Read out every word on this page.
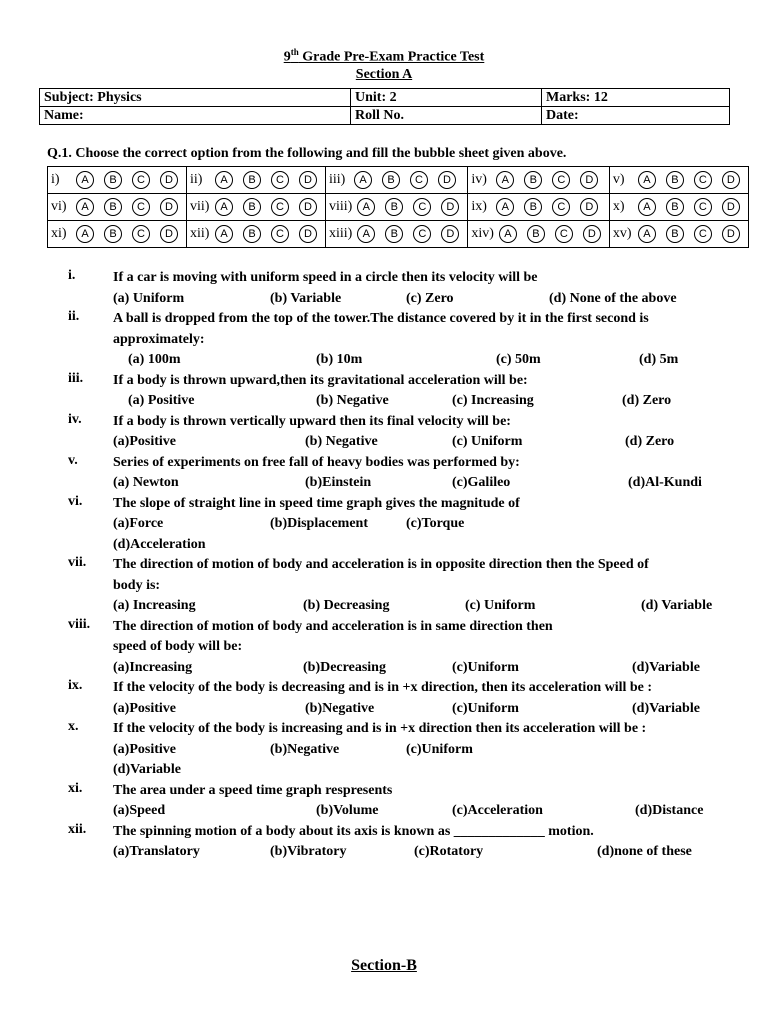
9th Grade Pre-Exam Practice Test
Section A
Subject: Physics	Unit: 2	Marks: 12
Name:	Roll No.	Date:
Q.1. Choose the correct option from the following and fill the bubble sheet given above.
i) A B C D	ii) A B C D	iii) A B C D	iv) A B C D	v) A B C D
vi) A B C D	vii) A B C D	viii) A B C D	ix) A B C D	x) A B C D
xi) A B C D	xii) A B C D	xiii) A B C D	xiv) A B C D	xv) A B C D
i.	If a car is moving with uniform speed in a circle then its velocity will be
(a) Uniform	(b) Variable	(c) Zero	(d) None of the above
ii. A ball is dropped from the top of the tower.The distance covered by it in the first second is
approximately:
(a) 100m	(b) 10m	(c) 50m	(d) 5m
iii. If a body is thrown upward,then its gravitational acceleration will be:
(a) Positive	(b) Negative	(c) Increasing	(d) Zero
iv. If a body is thrown vertically upward then its final velocity will be:
(a)Positive	(b) Negative	(c) Uniform	(d) Zero
v.	Series of experiments on free fall of heavy bodies was performed by:
(a) Newton	(b)Einstein	(c)Galileo	(d)Al-Kundi
vi. The slope of straight line in speed time graph gives the magnitude of
(a)Force	(b)Displacement	(c)Torque
(d)Acceleration
vii. The direction of motion of body and acceleration is in opposite direction then the Speed of
body is:
(a) Increasing	(b) Decreasing	(c) Uniform	(d) Variable
viii. The direction of motion of body and acceleration is in same direction then
speed of body will be:
(a)Increasing	(b)Decreasing	(c)Uniform	(d)Variable
ix. If the velocity of the body is decreasing and is in +x direction, then its acceleration will be :
(a)Positive	(b)Negative	(c)Uniform	(d)Variable
x. If the velocity of the body is increasing and is in +x direction then its acceleration will be :
(a)Positive	(b)Negative	(c)Uniform
(d)Variable
xi. The area under a speed time graph respresents
(a)Speed	(b)Volume	(c)Acceleration	(d)Distance
xii. The spinning motion of a body about its axis is known as _____________ motion.
(a)Translatory	(b)Vibratory	(c)Rotatory	(d)none of these
Section-B
